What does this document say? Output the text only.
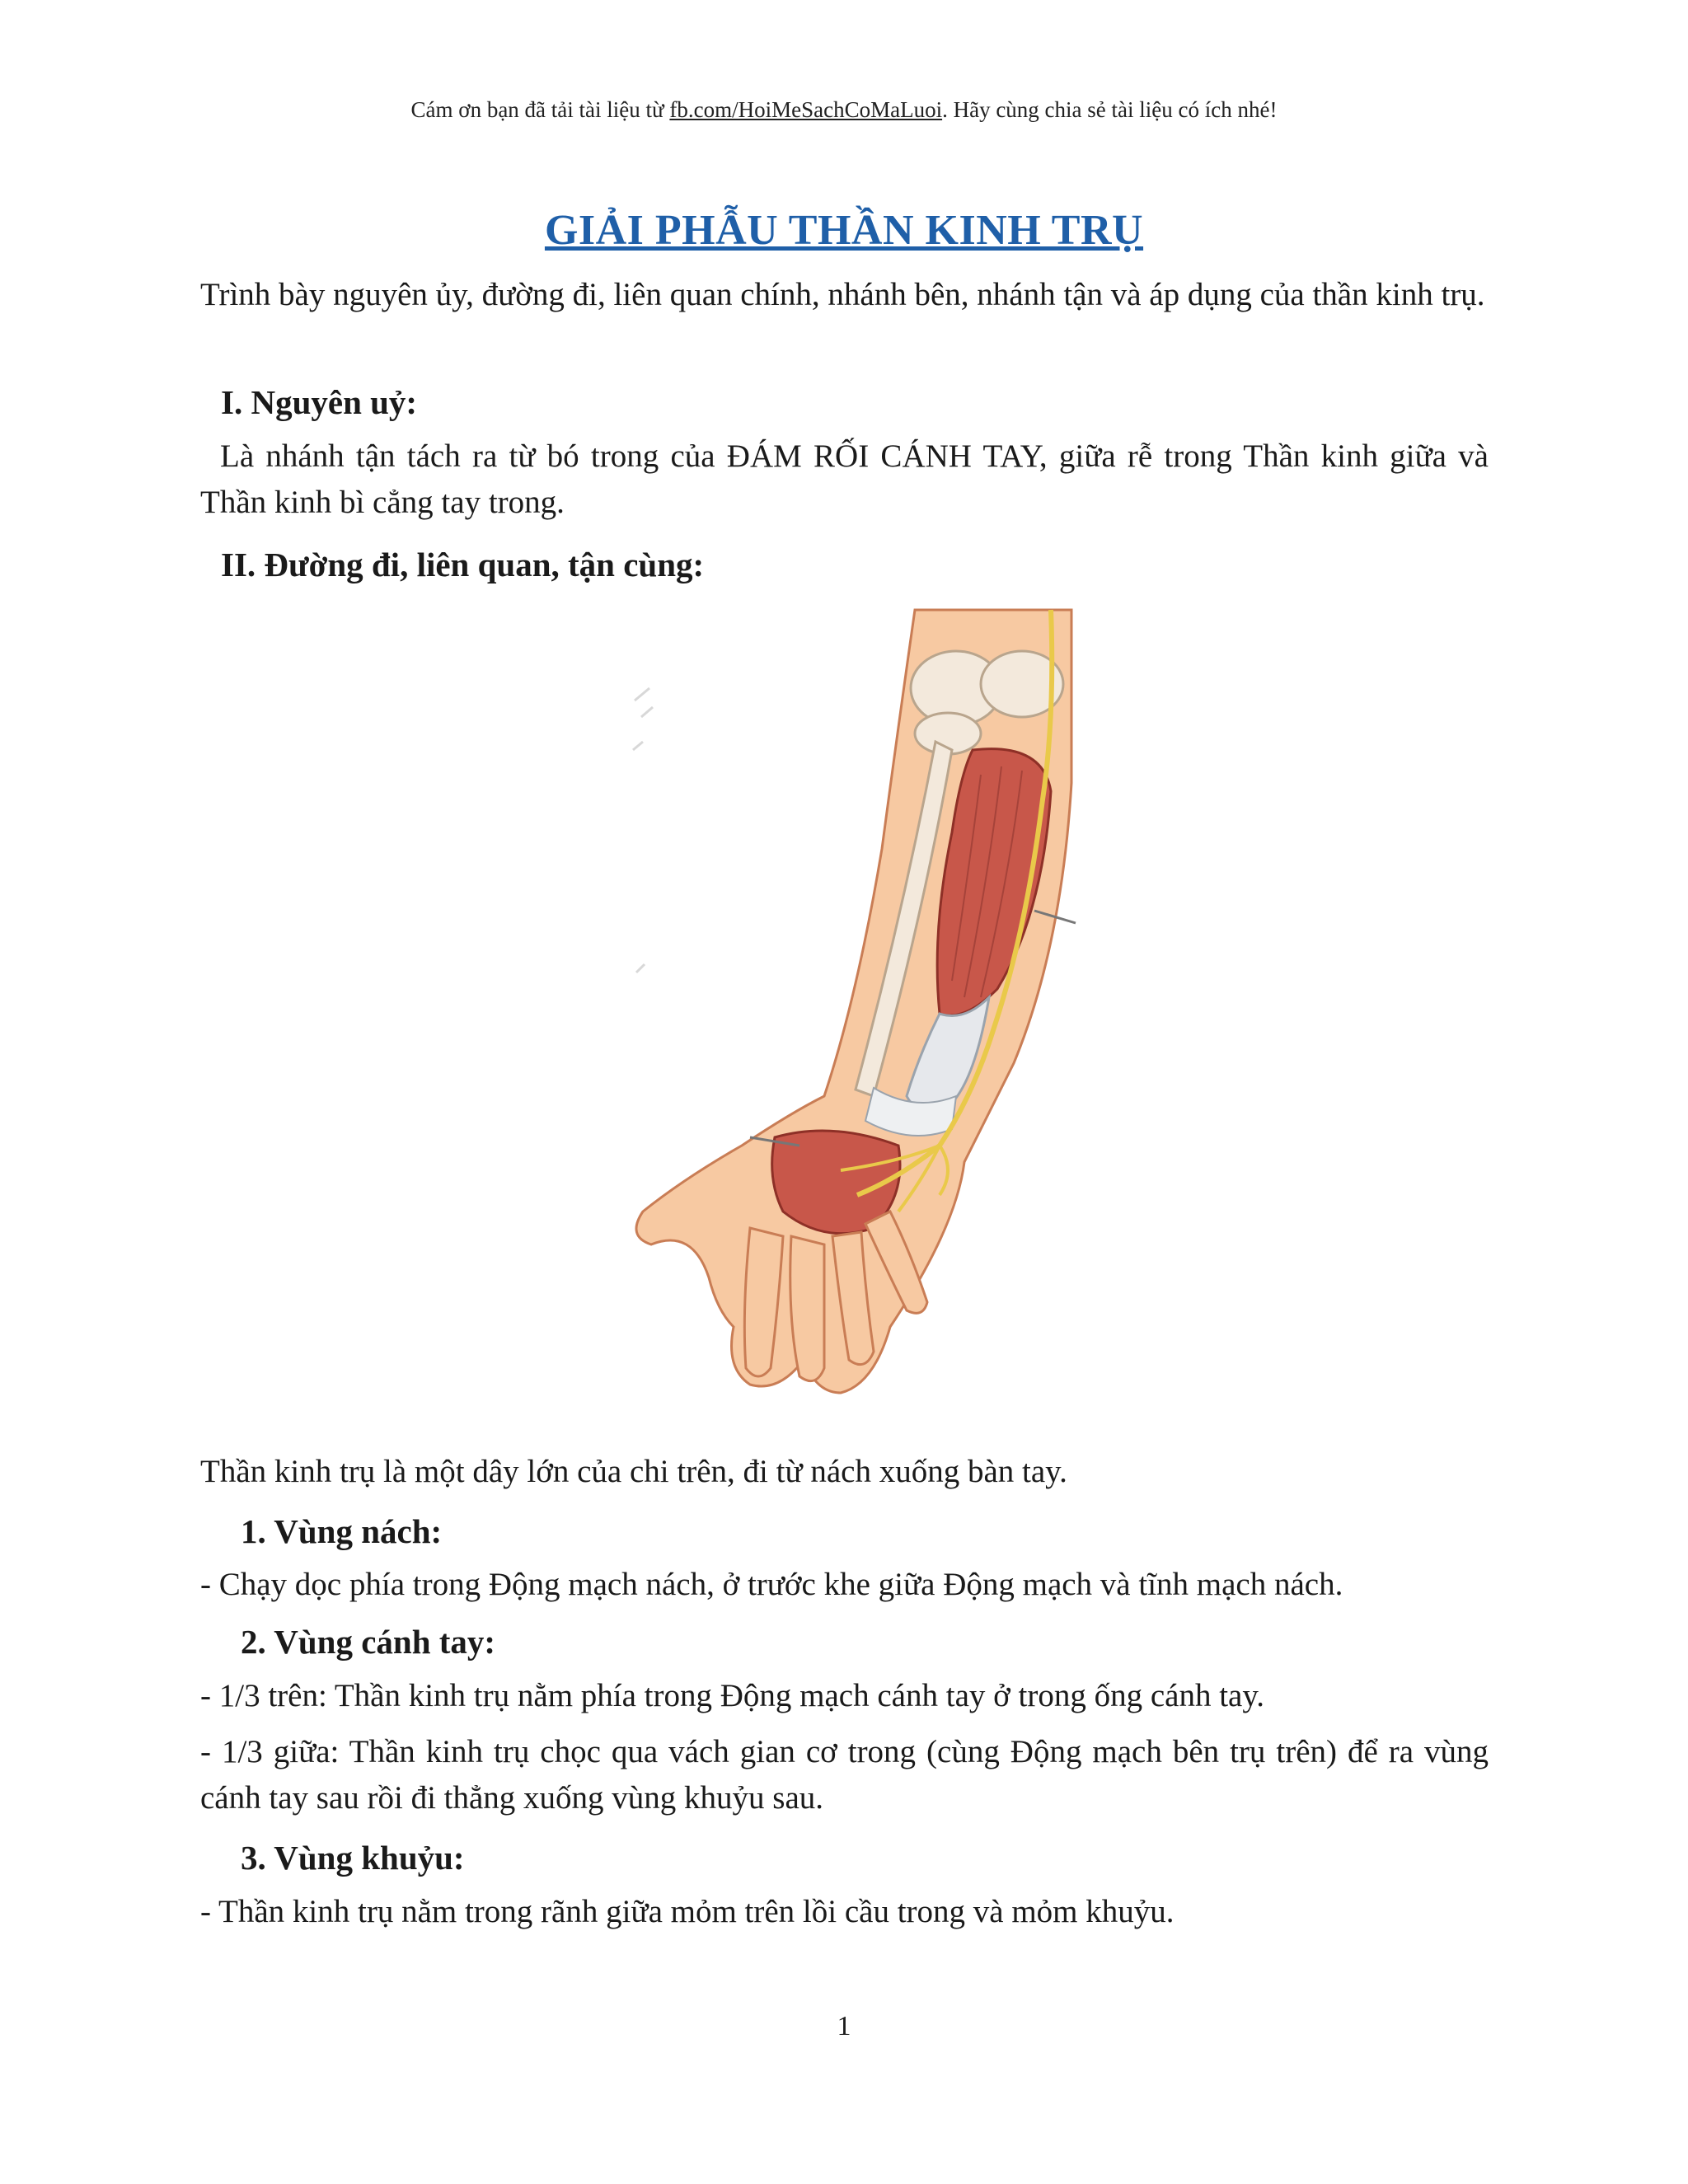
Cám ơn bạn đã tải tài liệu từ fb.com/HoiMeSachCoMaLuoi. Hãy cùng chia sẻ tài liệu có ích nhé!
GIẢI PHẪU THẦN KINH TRỤ
Trình bày nguyên ủy, đường đi, liên quan chính, nhánh bên, nhánh tận và áp dụng của thần kinh trụ.
I. Nguyên uỷ:
Là nhánh tận tách ra từ bó trong của ĐÁM RỐI CÁNH TAY, giữa rễ trong Thần kinh giữa và Thần kinh bì cẳng tay trong.
II. Đường đi, liên quan, tận cùng:
Thần kinh trụ là một dây lớn của chi trên, đi từ nách xuống bàn tay.
1. Vùng nách:
- Chạy dọc phía trong Động mạch nách, ở trước khe giữa Động mạch và tĩnh mạch nách.
2. Vùng cánh tay:
- 1/3 trên: Thần kinh trụ nằm phía trong Động mạch cánh tay ở trong ống cánh tay.
- 1/3 giữa: Thần kinh trụ chọc qua vách gian cơ trong (cùng Động mạch bên trụ trên) để ra vùng cánh tay sau rồi đi thẳng xuống vùng khuỷu sau.
3. Vùng khuỷu:
- Thần kinh trụ nằm trong rãnh giữa mỏm trên lồi cầu trong và mỏm khuỷu.
1
